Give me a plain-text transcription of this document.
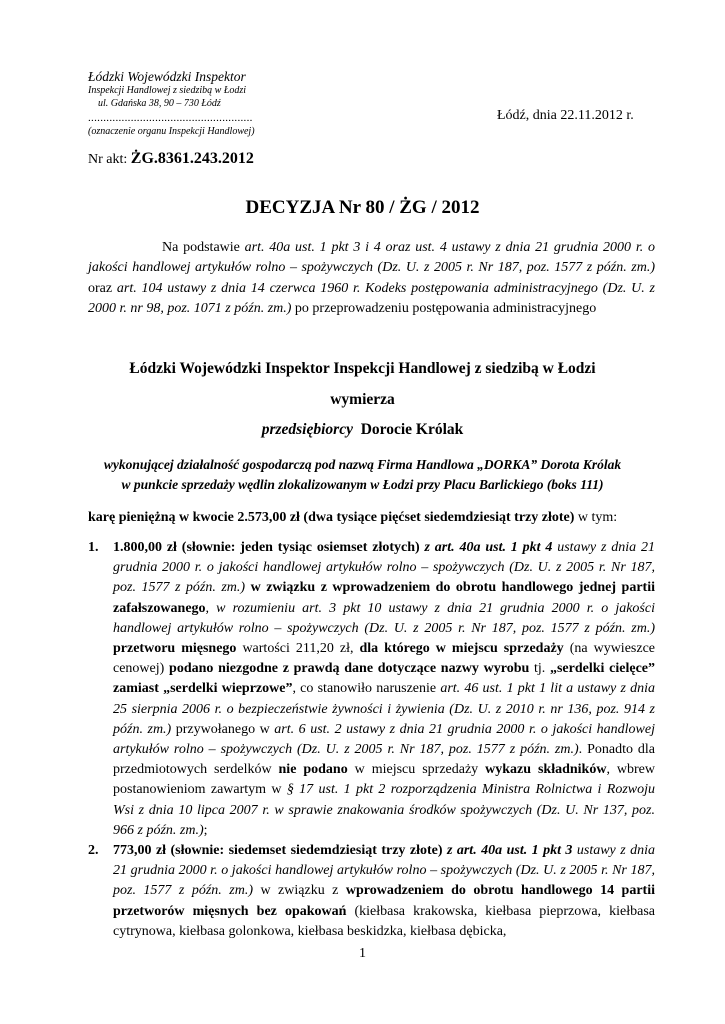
Łódzki Wojewódzki Inspektor
Inspekcji Handlowej z siedzibą w Łodzi
ul. Gdańska 38, 90 – 730 Łódź
......................................................
(oznaczenie organu Inspekcji Handlowej)
Łódź, dnia 22.11.2012 r.
Nr akt: ŻG.8361.243.2012
DECYZJA Nr 80 / ŻG / 2012
Na podstawie art. 40a ust. 1 pkt 3 i 4 oraz ust. 4 ustawy z dnia 21 grudnia 2000 r. o jakości handlowej artykułów rolno – spożywczych (Dz. U. z 2005 r. Nr 187, poz. 1577 z późn. zm.) oraz art. 104 ustawy z dnia 14 czerwca 1960 r. Kodeks postępowania administracyjnego (Dz. U. z 2000 r. nr 98, poz. 1071 z późn. zm.) po przeprowadzeniu postępowania administracyjnego
Łódzki Wojewódzki Inspektor Inspekcji Handlowej z siedzibą w Łodzi
wymierza
przedsiębiorcy Dorocie Królak
wykonującej działalność gospodarczą pod nazwą Firma Handlowa „DORKA” Dorota Królak
w punkcie sprzedaży wędlin zlokalizowanym w Łodzi przy Placu Barlickiego (boks 111)
karę pieniężną w kwocie 2.573,00 zł (dwa tysiące pięćset siedemdziesiąt trzy złote) w tym:
1. 1.800,00 zł (słownie: jeden tysiąc osiemset złotych) z art. 40a ust. 1 pkt 4 ustawy z dnia 21 grudnia 2000 r. o jakości handlowej artykułów rolno – spożywczych (Dz. U. z 2005 r. Nr 187, poz. 1577 z późn. zm.) w związku z wprowadzeniem do obrotu handlowego jednej partii zafałszowanego, w rozumieniu art. 3 pkt 10 ustawy z dnia 21 grudnia 2000 r. o jakości handlowej artykułów rolno – spożywczych (Dz. U. z 2005 r. Nr 187, poz. 1577 z późn. zm.) przetworu mięsnego wartości 211,20 zł, dla którego w miejscu sprzedaży (na wywieszce cenowej) podano niezgodne z prawdą dane dotyczące nazwy wyrobu tj. „serdelki cielęce” zamiast „serdelki wieprzowe”, co stanowiło naruszenie art. 46 ust. 1 pkt 1 lit a ustawy z dnia 25 sierpnia 2006 r. o bezpieczeństwie żywności i żywienia (Dz. U. z 2010 r. nr 136, poz. 914 z późn. zm.) przywołanego w art. 6 ust. 2 ustawy z dnia 21 grudnia 2000 r. o jakości handlowej artykułów rolno – spożywczych (Dz. U. z 2005 r. Nr 187, poz. 1577 z późn. zm.). Ponadto dla przedmiotowych serdelków nie podano w miejscu sprzedaży wykazu składników, wbrew postanowieniom zawartym w § 17 ust. 1 pkt 2 rozporządzenia Ministra Rolnictwa i Rozwoju Wsi z dnia 10 lipca 2007 r. w sprawie znakowania środków spożywczych (Dz. U. Nr 137, poz. 966 z późn. zm.);
2. 773,00 zł (słownie: siedemset siedemdziesiąt trzy złote) z art. 40a ust. 1 pkt 3 ustawy z dnia 21 grudnia 2000 r. o jakości handlowej artykułów rolno – spożywczych (Dz. U. z 2005 r. Nr 187, poz. 1577 z późn. zm.) w związku z wprowadzeniem do obrotu handlowego 14 partii przetworów mięsnych bez opakowań (kiełbasa krakowska, kiełbasa pieprzowa, kiełbasa cytrynowa, kiełbasa golonkowa, kiełbasa beskidzka, kiełbasa dębicka,
1
